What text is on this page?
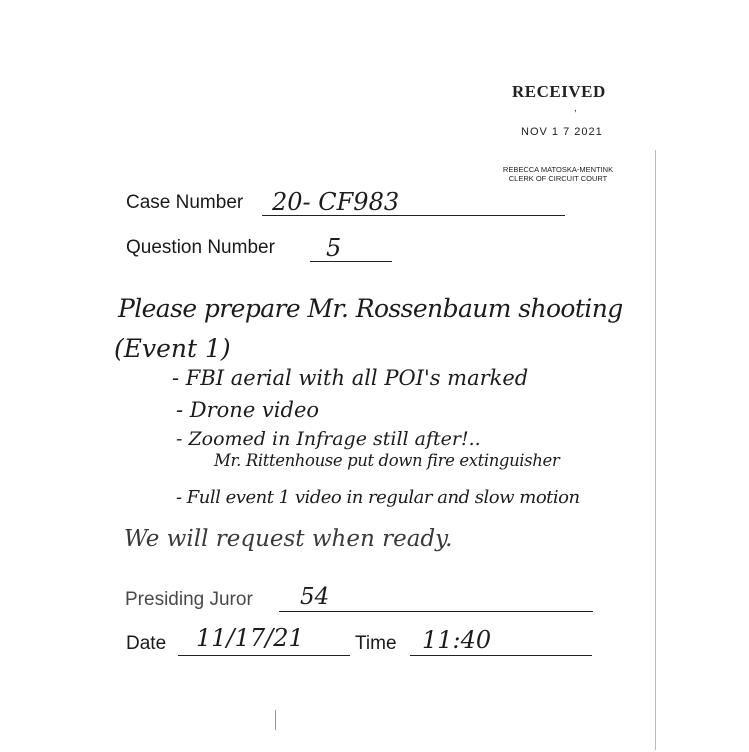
RECEIVED
,
NOV 1 7 2021
REBECCA MATOSKA-MENTINK
CLERK OF CIRCUIT COURT
Case Number 20- CF983
Question Number 5
Please prepare Mr. Rossenbaum shooting
(Event 1)
- FBI aerial with all POI's marked
- Drone video
- Zoomed in Infrage still after!..
Mr. Rittenhouse put down fire extinguisher
- Full event 1 video in regular and slow motion
We will request when ready.
Presiding Juror 54
Date 11/17/21	Time 11:40
